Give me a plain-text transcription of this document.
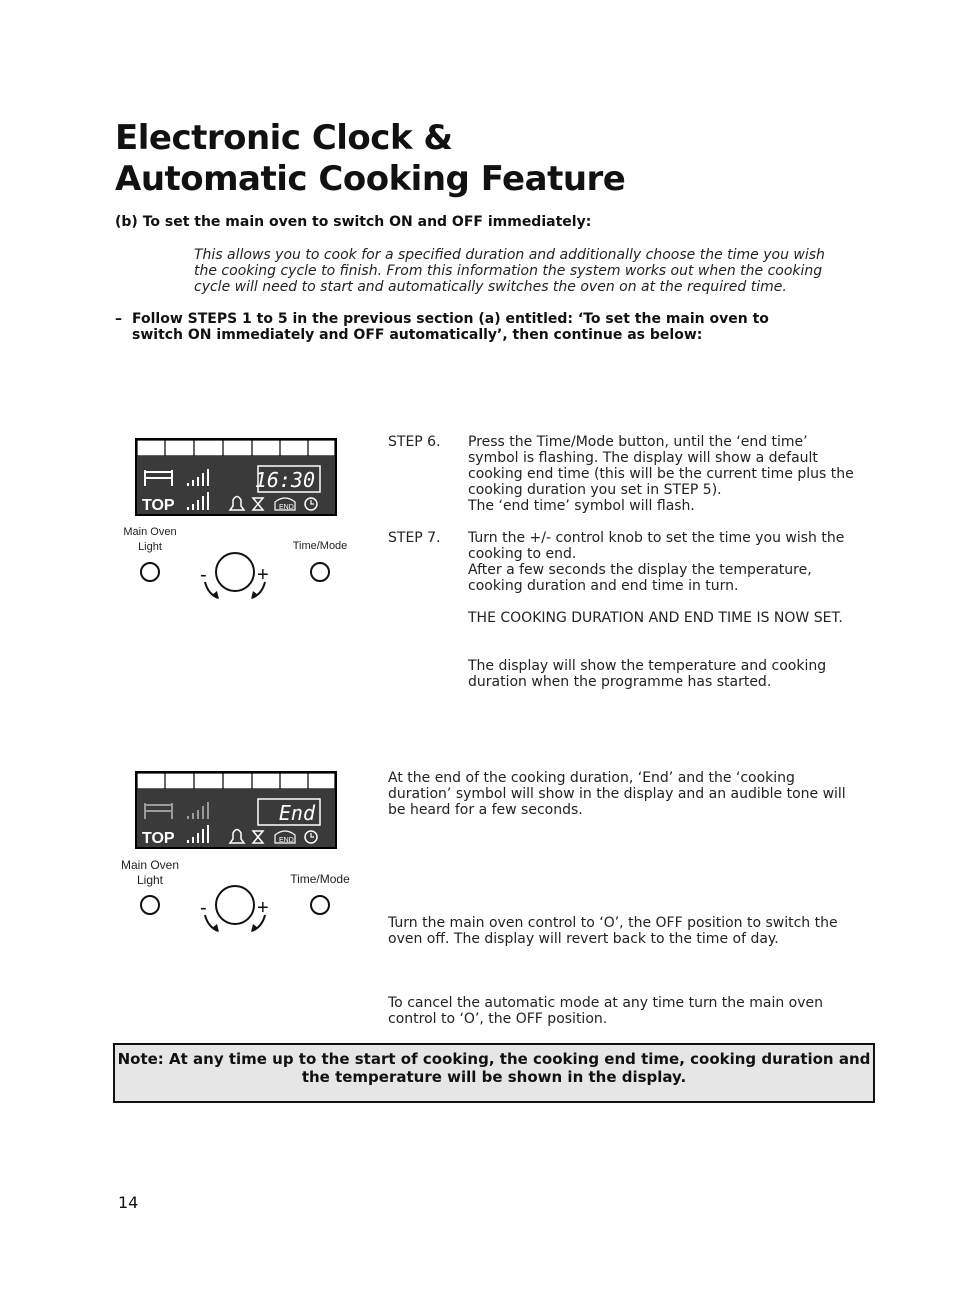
Electronic Clock &
Automatic Cooking Feature
(b) To set the main oven to switch ON and OFF immediately:
This allows you to cook for a specified duration and additionally choose the time you wish the cooking cycle to finish. From this information the system works out when the cooking cycle will need to start and automatically switches the oven on at the required time.
– Follow STEPS 1 to 5 in the previous section (a) entitled: ‘To set the main oven to switch ON immediately and OFF automatically’, then continue as below:
16:30
TOP	END
Main Oven
Light	Time/Mode
-	+
STEP 6. Press the Time/Mode button, until the ‘end time’ symbol is flashing. The display will show a default cooking end time (this will be the current time plus the cooking duration you set in STEP 5).

The ‘end time’ symbol will flash.

STEP 7. Turn the +/- control knob to set the time you wish the cooking to end.

After a few seconds the display the temperature, cooking duration and end time in turn.

THE COOKING DURATION AND END TIME IS NOW SET.

The display will show the temperature and cooking duration when the programme has started.
End
TOP	END
Main Oven
Light	Time/Mode
-	+
At the end of the cooking duration, ‘End’ and the ‘cooking duration’ symbol will show in the display and an audible tone will be heard for a few seconds.
Turn the main oven control to ‘O’, the OFF position to switch the oven off. The display will revert back to the time of day.
To cancel the automatic mode at any time turn the main oven control to ‘O’, the OFF position.
Note: At any time up to the start of cooking, the cooking end time, cooking duration and the temperature will be shown in the display.
14
